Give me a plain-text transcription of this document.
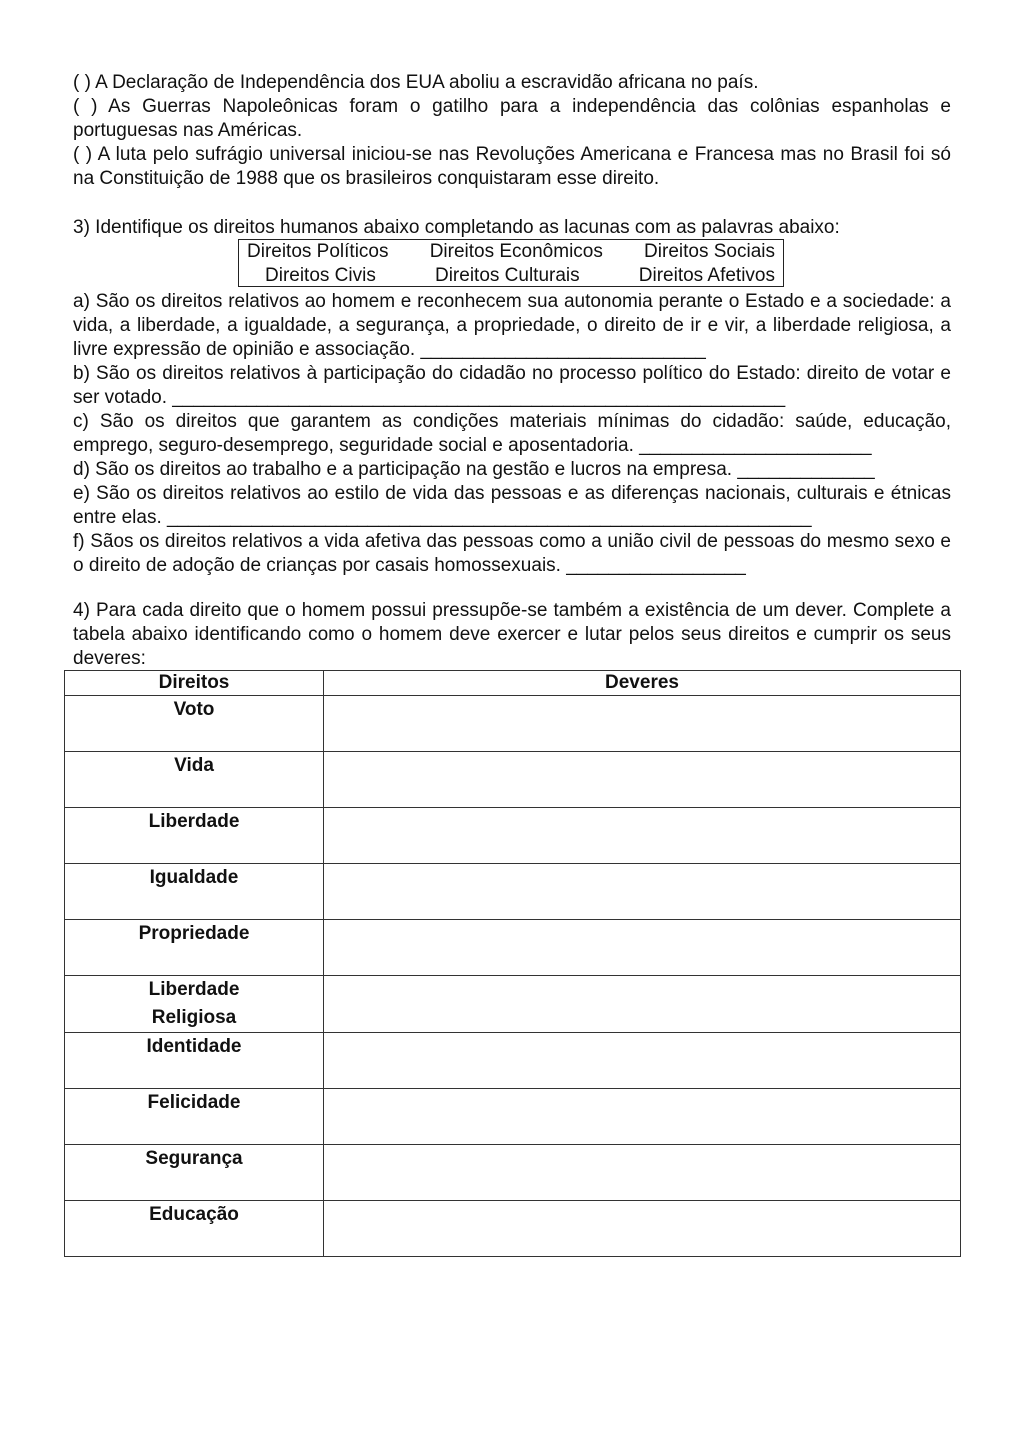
( ) A Declaração de Independência dos EUA aboliu a escravidão africana no país.

( ) As Guerras Napoleônicas foram o gatilho para a independência das colônias espanholas e portuguesas nas Américas.

( ) A luta pelo sufrágio universal iniciou-se nas Revoluções Americana e Francesa mas no Brasil foi só na Constituição de 1988 que os brasileiros conquistaram esse direito.

3) Identifique os direitos humanos abaixo completando as lacunas com as palavras abaixo:
Direitos Políticos Direitos Econômicos Direitos Sociais
Direitos Civis	Direitos Culturais	Direitos Afetivos

a) São os direitos relativos ao homem e reconhecem sua autonomia perante o Estado e a sociedade: a vida, a liberdade, a igualdade, a segurança, a propriedade, o direito de ir e vir, a liberdade religiosa, a livre expressão de opinião e associação. ___________________________

b) São os direitos relativos à participação do cidadão no processo político do Estado: direito de votar e ser votado. __________________________________________________________

c) São os direitos que garantem as condições materiais mínimas do cidadão: saúde, educação, emprego, seguro-desemprego, seguridade social e aposentadoria. ______________________

d) São os direitos ao trabalho e a participação na gestão e lucros na empresa. _____________

e) São os direitos relativos ao estilo de vida das pessoas e as diferenças nacionais, culturais e étnicas entre elas. _____________________________________________________________

f) Sãos os direitos relativos a vida afetiva das pessoas como a união civil de pessoas do mesmo sexo e o direito de adoção de crianças por casais homossexuais. _________________

4) Para cada direito que o homem possui pressupõe-se também a existência de um dever. Complete a tabela abaixo identificando como o homem deve exercer e lutar pelos seus direitos e cumprir os seus deveres:
Direitos	Deveres
Voto	
Vida	
Liberdade	
Igualdade	
Propriedade	
Liberdade Religiosa	
Identidade	
Felicidade	
Segurança	
Educação	
